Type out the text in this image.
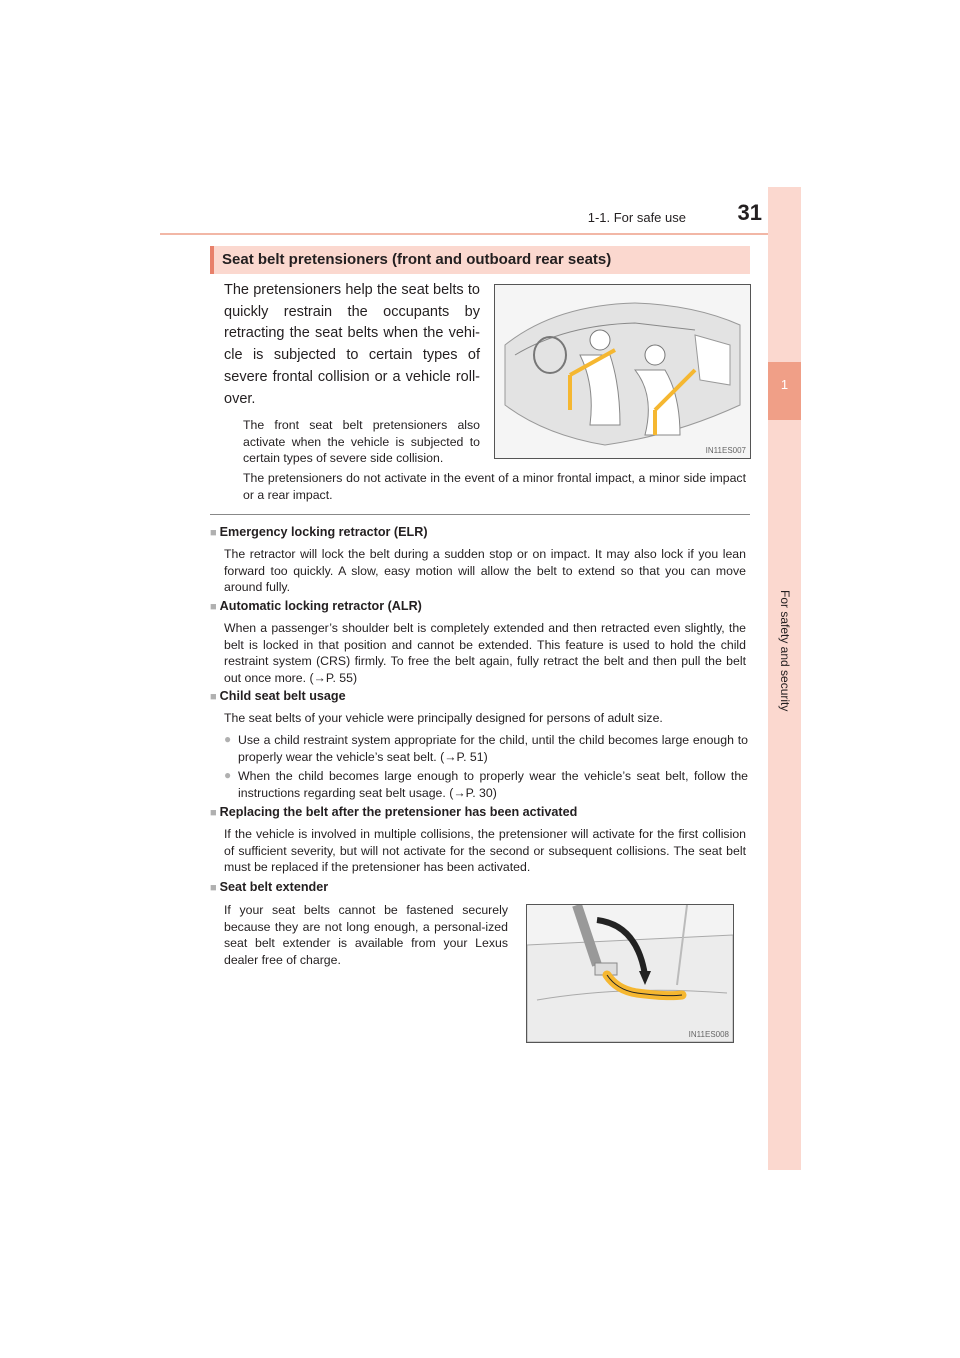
1-1. For safe use 31
1
For safety and security
Seat belt pretensioners (front and outboard rear seats)
The pretensioners help the seat belts to quickly restrain the occupants by retracting the seat belts when the vehi-cle is subjected to certain types of severe frontal collision or a vehicle roll-over.
The front seat belt pretensioners also activate when the vehicle is subjected to certain types of severe side collision.
The pretensioners do not activate in the event of a minor frontal impact, a minor side impact or a rear impact.
IN11ES007
■ Emergency locking retractor (ELR)
The retractor will lock the belt during a sudden stop or on impact. It may also lock if you lean forward too quickly. A slow, easy motion will allow the belt to extend so that you can move around fully.
■ Automatic locking retractor (ALR)
When a passenger’s shoulder belt is completely extended and then retracted even slightly, the belt is locked in that position and cannot be extended. This feature is used to hold the child restraint system (CRS) firmly. To free the belt again, fully retract the belt and then pull the belt out once more. (→P. 55)
■ Child seat belt usage
The seat belts of your vehicle were principally designed for persons of adult size.
● Use a child restraint system appropriate for the child, until the child becomes large enough to properly wear the vehicle’s seat belt. (→P. 51)
● When the child becomes large enough to properly wear the vehicle’s seat belt, follow the instructions regarding seat belt usage. (→P. 30)
■ Replacing the belt after the pretensioner has been activated
If the vehicle is involved in multiple collisions, the pretensioner will activate for the first collision of sufficient severity, but will not activate for the second or subsequent collisions. The seat belt must be replaced if the pretensioner has been activated.
■ Seat belt extender
If your seat belts cannot be fastened securely because they are not long enough, a personal-ized seat belt extender is available from your Lexus dealer free of charge.
IN11ES008
